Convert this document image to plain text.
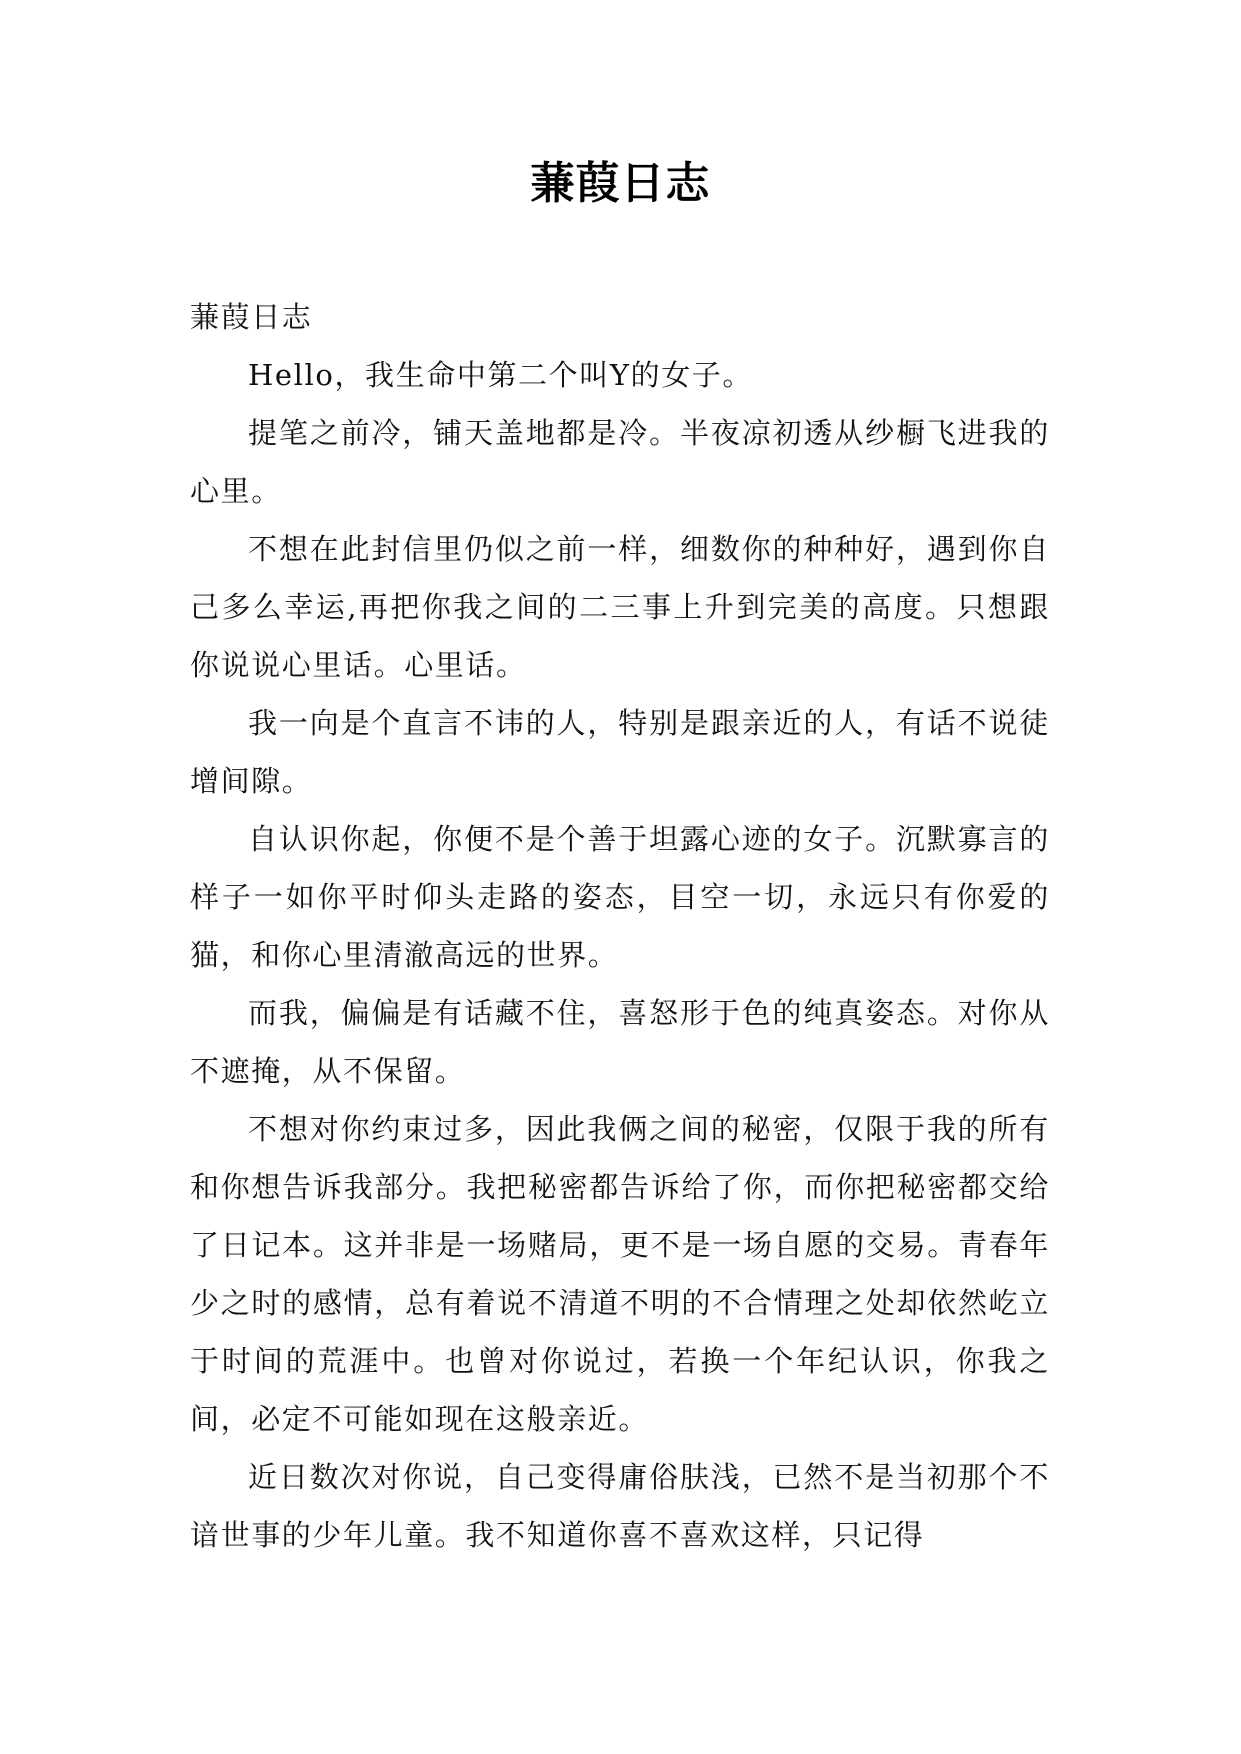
蒹葭日志

蒹葭日志

Hello，我生命中第二个叫Y的女子。

提笔之前冷，铺天盖地都是冷。半夜凉初透从纱橱飞进我的心里。

不想在此封信里仍似之前一样，细数你的种种好，遇到你自己多么幸运,再把你我之间的二三事上升到完美的高度。只想跟你说说心里话。心里话。

我一向是个直言不讳的人，特别是跟亲近的人，有话不说徒增间隙。

自认识你起，你便不是个善于坦露心迹的女子。沉默寡言的样子一如你平时仰头走路的姿态，目空一切，永远只有你爱的猫，和你心里清澈高远的世界。

而我，偏偏是有话藏不住，喜怒形于色的纯真姿态。对你从不遮掩，从不保留。

不想对你约束过多，因此我俩之间的秘密，仅限于我的所有和你想告诉我部分。我把秘密都告诉给了你，而你把秘密都交给了日记本。这并非是一场赌局，更不是一场自愿的交易。青春年少之时的感情，总有着说不清道不明的不合情理之处却依然屹立于时间的荒涯中。也曾对你说过，若换一个年纪认识，你我之间，必定不可能如现在这般亲近。

近日数次对你说，自己变得庸俗肤浅，已然不是当初那个不谙世事的少年儿童。我不知道你喜不喜欢这样，只记得
